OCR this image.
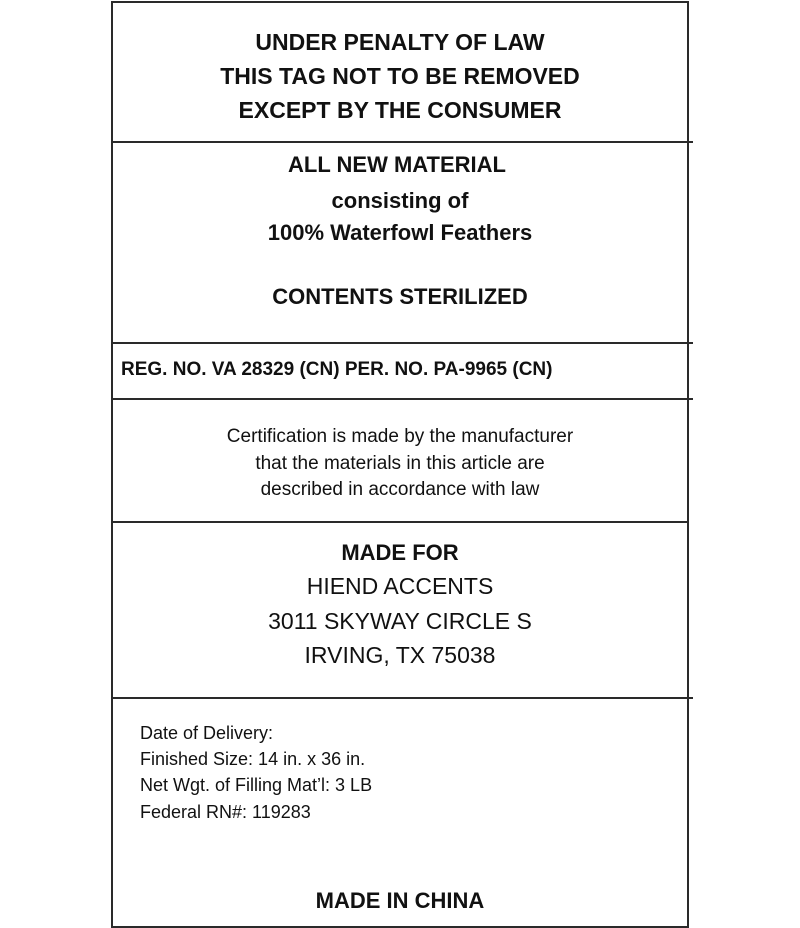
UNDER PENALTY OF LAW
THIS TAG NOT TO BE REMOVED
EXCEPT BY THE CONSUMER
ALL NEW MATERIAL
consisting of
100% Waterfowl Feathers
CONTENTS STERILIZED
REG. NO. VA 28329 (CN) PER. NO. PA-9965 (CN)
Certification is made by the manufacturer
that the materials in this article are
described in accordance with law
MADE FOR
HIEND ACCENTS
3011 SKYWAY CIRCLE S
IRVING, TX 75038
Date of Delivery:
Finished Size: 14 in. x 36 in.
Net Wgt. of Filling Mat’l: 3 LB
Federal RN#: 119283
MADE IN CHINA
